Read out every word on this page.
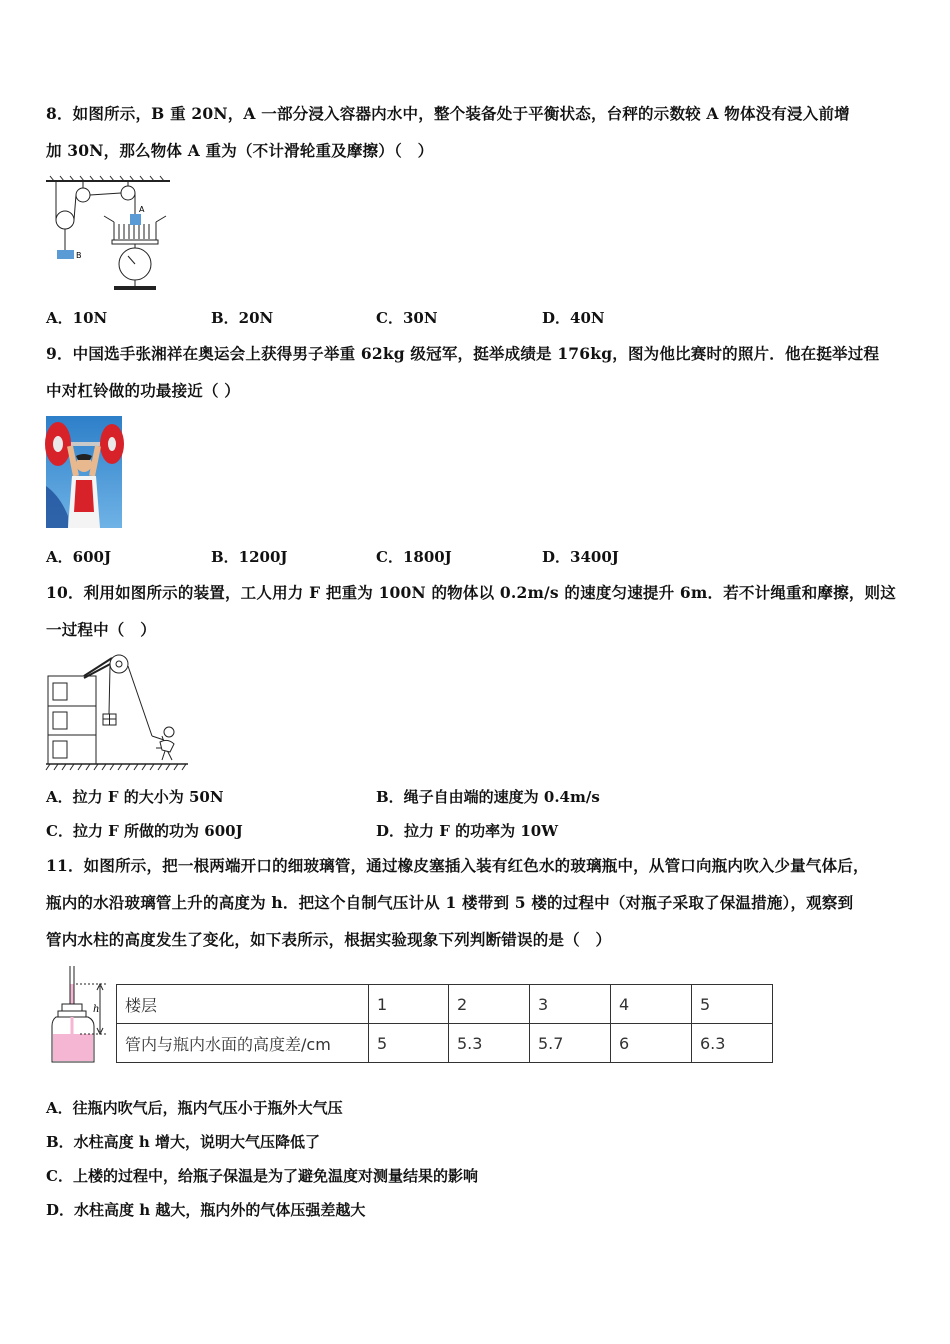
8．如图所示，B 重 20N，A 一部分浸入容器内水中，整个装备处于平衡状态，台秤的示数较 A 物体没有浸入前增
加 30N，那么物体 A 重为（不计滑轮重及摩擦）（　）
B
A
A．10N	B．20N	C．30N	D．40N
9．中国选手张湘祥在奥运会上获得男子举重 62kg 级冠军，挺举成绩是 176kg，图为他比赛时的照片．他在挺举过程
中对杠铃做的功最接近（ ）
A．600J	B．1200J	C．1800J	D．3400J
10．利用如图所示的装置，工人用力 F 把重为 100N 的物体以 0.2m/s 的速度匀速提升 6m．若不计绳重和摩擦，则这
一过程中（　）
A．拉力 F 的大小为 50N	B．绳子自由端的速度为 0.4m/s
C．拉力 F 所做的功为 600J	D．拉力 F 的功率为 10W
11．如图所示，把一根两端开口的细玻璃管，通过橡皮塞插入装有红色水的玻璃瓶中，从管口向瓶内吹入少量气体后，
瓶内的水沿玻璃管上升的高度为 h．把这个自制气压计从 1 楼带到 5 楼的过程中（对瓶子采取了保温措施），观察到
管内水柱的高度发生了变化，如下表所示，根据实验现象下列判断错误的是（　）
h 楼层	1	2	3	4	5
管内与瓶内水面的高度差/cm	5	5.3	5.7	6	6.3
A．往瓶内吹气后，瓶内气压小于瓶外大气压
B．水柱高度 h 增大，说明大气压降低了
C．上楼的过程中，给瓶子保温是为了避免温度对测量结果的影响
D．水柱高度 h 越大，瓶内外的气体压强差越大
